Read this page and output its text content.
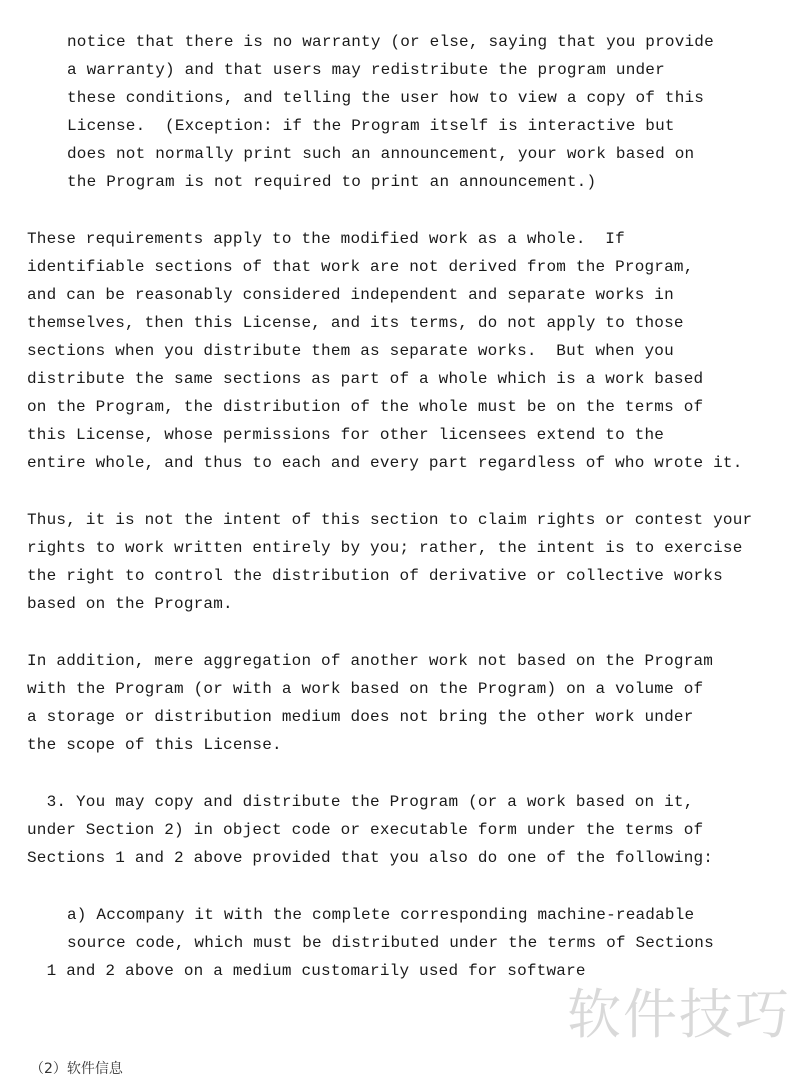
notice that there is no warranty (or else, saying that you provide
a warranty) and that users may redistribute the program under
these conditions, and telling the user how to view a copy of this
License.  (Exception: if the Program itself is interactive but
does not normally print such an announcement, your work based on
the Program is not required to print an announcement.)
These requirements apply to the modified work as a whole.  If
identifiable sections of that work are not derived from the Program,
and can be reasonably considered independent and separate works in
themselves, then this License, and its terms, do not apply to those
sections when you distribute them as separate works.  But when you
distribute the same sections as part of a whole which is a work based
on the Program, the distribution of the whole must be on the terms of
this License, whose permissions for other licensees extend to the
entire whole, and thus to each and every part regardless of who wrote it.
Thus, it is not the intent of this section to claim rights or contest your
rights to work written entirely by you; rather, the intent is to exercise
the right to control the distribution of derivative or collective works
based on the Program.
In addition, mere aggregation of another work not based on the Program
with the Program (or with a work based on the Program) on a volume of
a storage or distribution medium does not bring the other work under
the scope of this License.
3. You may copy and distribute the Program (or a work based on it,
under Section 2) in object code or executable form under the terms of
Sections 1 and 2 above provided that you also do one of the following:
a) Accompany it with the complete corresponding machine-readable
source code, which must be distributed under the terms of Sections
1 and 2 above on a medium customarily used for software
软件技巧
（2）软件信息
